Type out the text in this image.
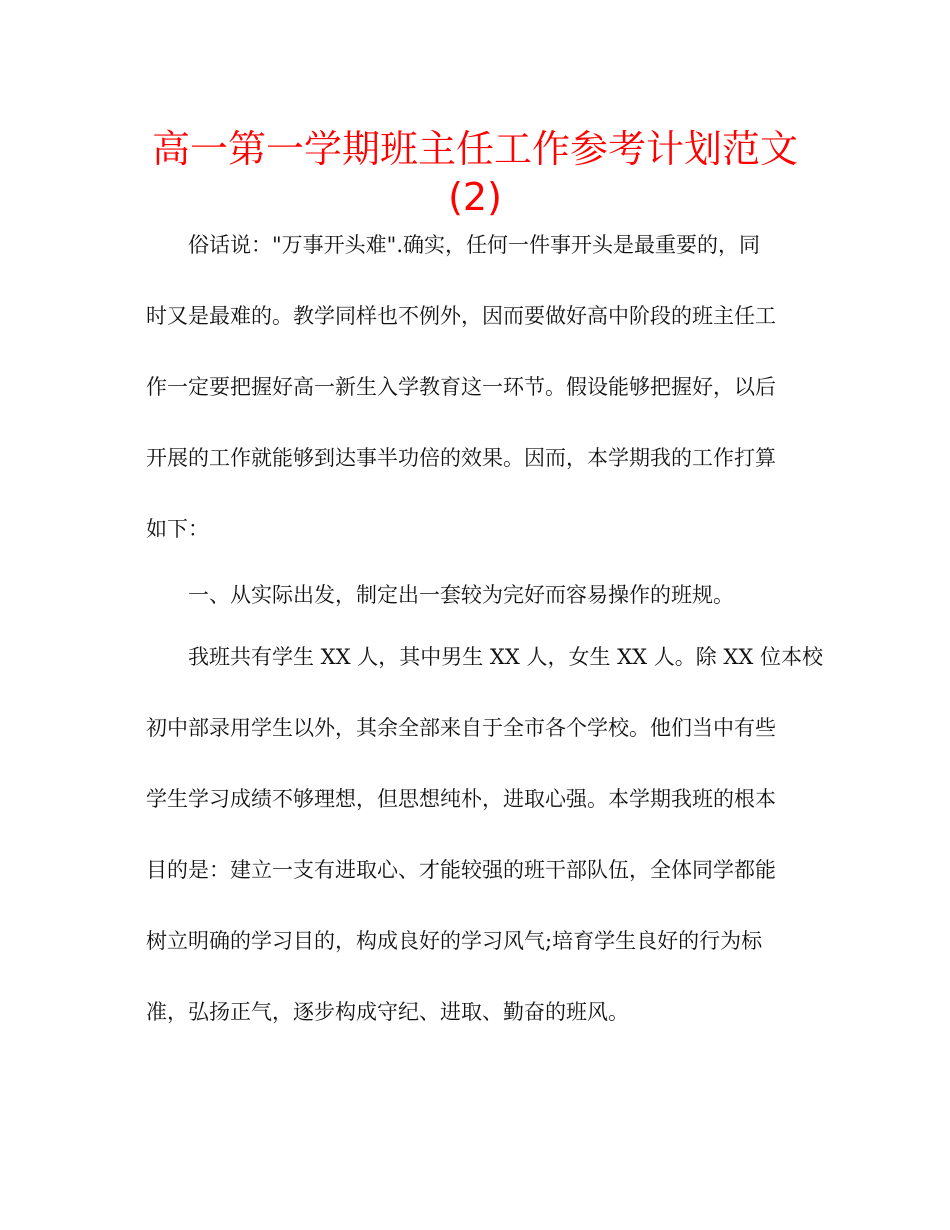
高一第一学期班主任工作参考计划范文
(2)
俗话说："万事开头难".确实，任何一件事开头是最重要的，同
时又是最难的。教学同样也不例外，因而要做好高中阶段的班主任工
作一定要把握好高一新生入学教育这一环节。假设能够把握好，以后
开展的工作就能够到达事半功倍的效果。因而，本学期我的工作打算
如下：
一、从实际出发，制定出一套较为完好而容易操作的班规。
我班共有学生 XX 人，其中男生 XX 人，女生 XX 人。除 XX 位本校
初中部录用学生以外，其余全部来自于全市各个学校。他们当中有些
学生学习成绩不够理想，但思想纯朴，进取心强。本学期我班的根本
目的是：建立一支有进取心、才能较强的班干部队伍，全体同学都能
树立明确的学习目的，构成良好的学习风气;培育学生良好的行为标
准，弘扬正气，逐步构成守纪、进取、勤奋的班风。
